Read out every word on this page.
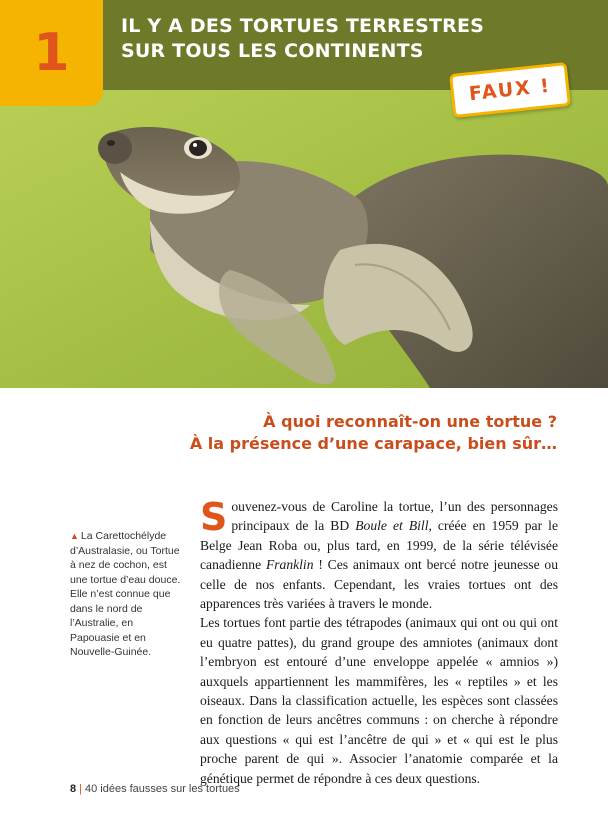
1	IL Y A DES TORTUES TERRESTRES
SUR TOUS LES CONTINENTS
FAUX !
À quoi reconnaît-on une tortue ?
À la présence d’une carapace, bien sûr…
▲ La Carettochélyde d’Australasie, ou Tortue à nez de cochon, est une tortue d’eau douce. Elle n’est connue que dans le nord de l’Australie, en Papouasie et en Nouvelle-Guinée.

Souvenez-vous de Caroline la tortue, l’un des personnages principaux de la BD Boule et Bill, créée en 1959 par le Belge Jean Roba ou, plus tard, en 1999, de la série télévisée canadienne Franklin ! Ces animaux ont bercé notre jeunesse ou celle de nos enfants. Cependant, les vraies tortues ont des apparences très variées à travers le monde.

Les tortues font partie des tétrapodes (animaux qui ont ou qui ont eu quatre pattes), du grand groupe des amniotes (animaux dont l’embryon est entouré d’une enveloppe appelée « amnios ») auxquels appartiennent les mammifères, les « reptiles » et les oiseaux. Dans la classification actuelle, les espèces sont classées en fonction de leurs ancêtres communs : on cherche à répondre aux questions « qui est l’ancêtre de qui » et « qui est le plus proche parent de qui ». Associer l’anatomie comparée et la génétique permet de répondre à ces deux questions.

8 | 40 idées fausses sur les tortues
